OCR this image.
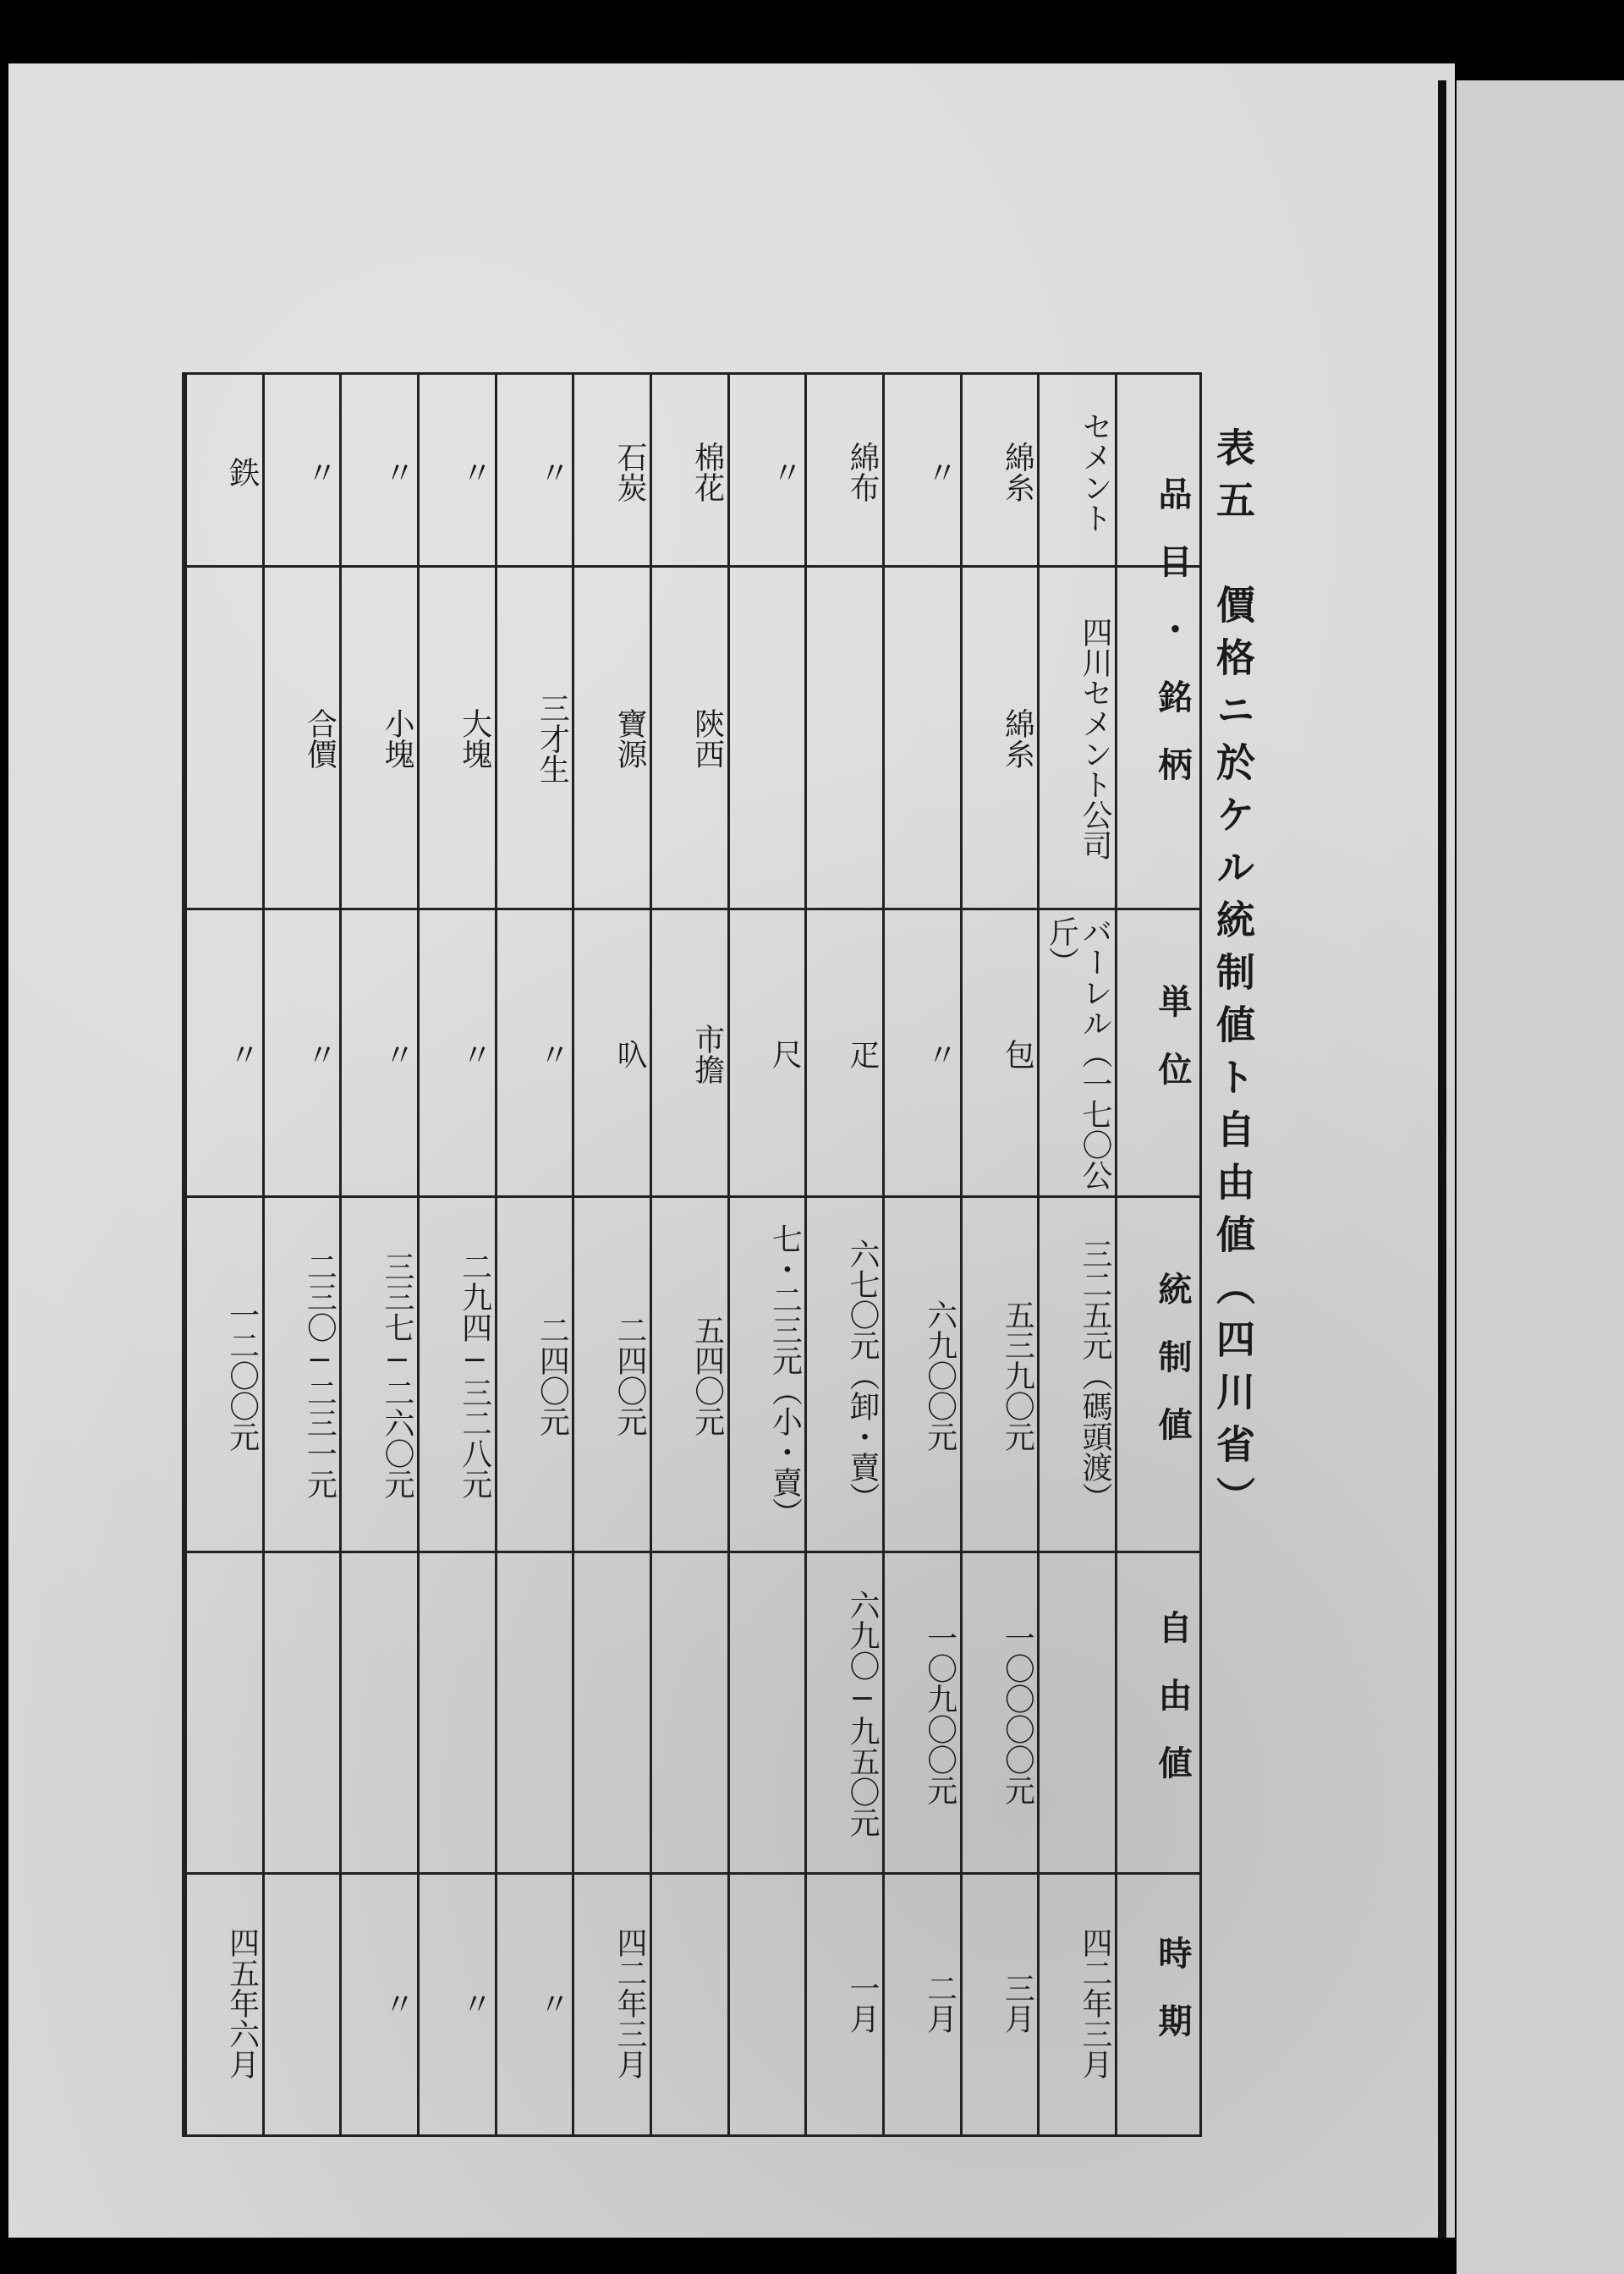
表五　價格ニ於ケル統制値ト自由値（四川省）
品目・銘柄
単位
統制値
自由値
時期
セメント
四川セメント公司
バーレル（一七〇公斤）
三二五元（碼頭渡）
四二年三月
綿糸
綿糸
包
五三九〇元
一〇〇〇〇元
三月
〃
〃
六九〇〇元
一〇九〇〇元
二月
綿布
疋
六七〇元（卸・賣）
六九〇−九五〇元
一月
〃
尺
七・二三元（小・賣）
棉花
陝西
市擔
五四〇元
石炭
寶源
叺
二四〇元
四二年三月
〃
三才生
〃
二四〇元
〃
〃
大塊
〃
二九四−三二八元
〃
〃
小塊
〃
三三七−二六〇元
〃
〃
合價
〃
二三〇−二三一元
鉄
〃
一二〇〇元
四五年六月
